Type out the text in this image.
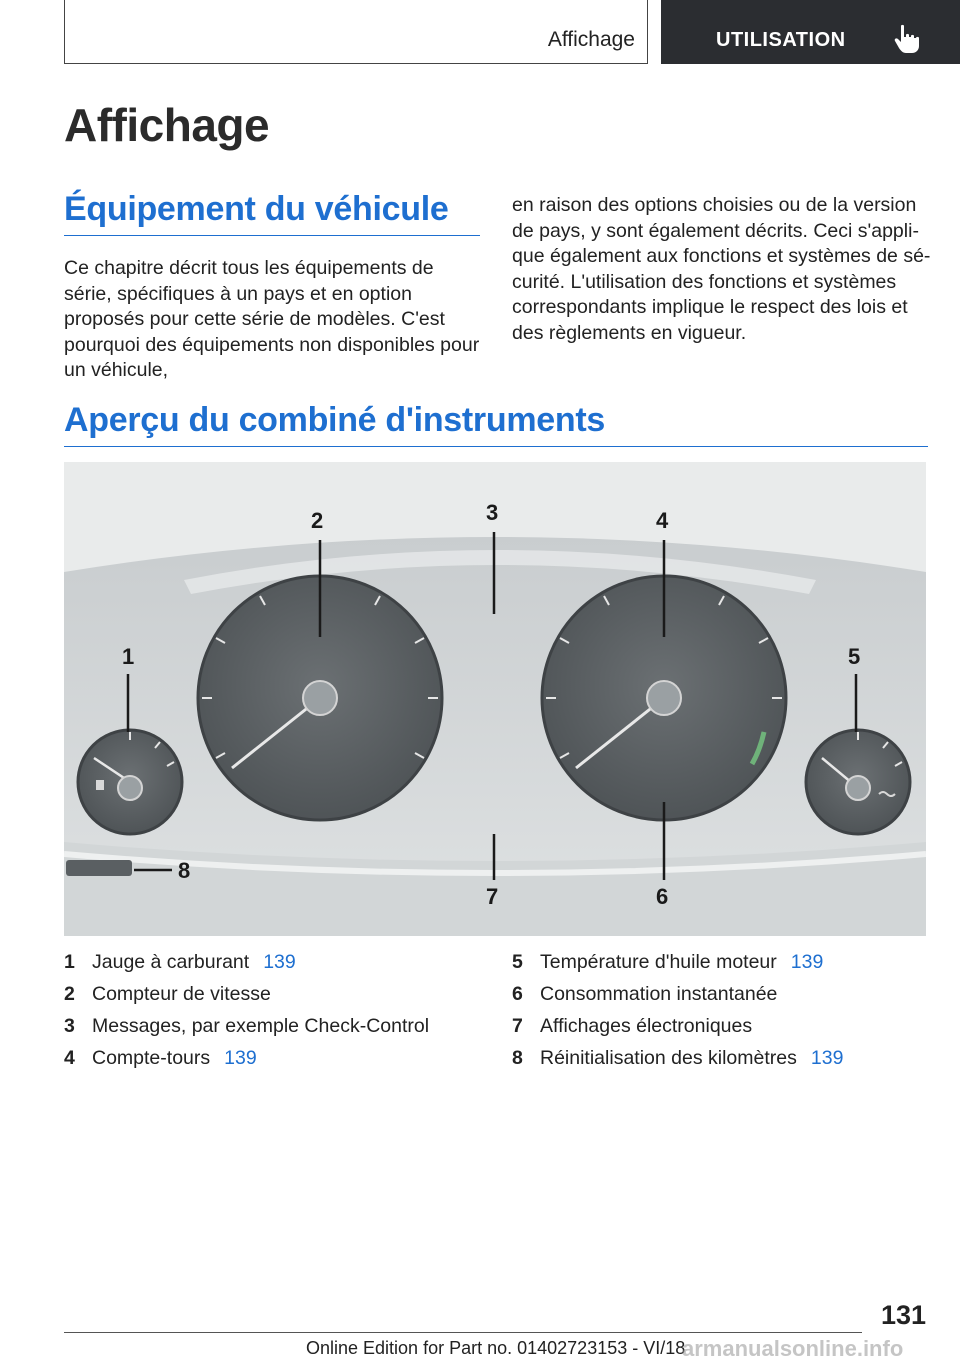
Affichage	UTILISATION
Affichage
Équipement du véhicule

Ce chapitre décrit tous les équipements de série, spécifiques à un pays et en option proposés pour cette série de modèles. C'est pourquoi des équipements non disponibles pour un véhicule,

en raison des options choisies ou de la version de pays, y sont également décrits. Ceci s'applique également aux fonctions et systèmes de sécurité. L'utilisation des fonctions et systèmes correspondants implique le respect des lois et des règlements en vigueur.

Aperçu du combiné d'instruments
2	3	4
1	5
6
7
8
1 Jauge à carburant 139
2 Compteur de vitesse
3 Messages, par exemple Check-Control
4 Compte-tours 139
5 Température d'huile moteur 139
6 Consommation instantanée
7 Affichages électroniques
8 Réinitialisation des kilomètres 139
131
Online Edition for Part no. 01402723153 - VI/18
armanualsonline.info
